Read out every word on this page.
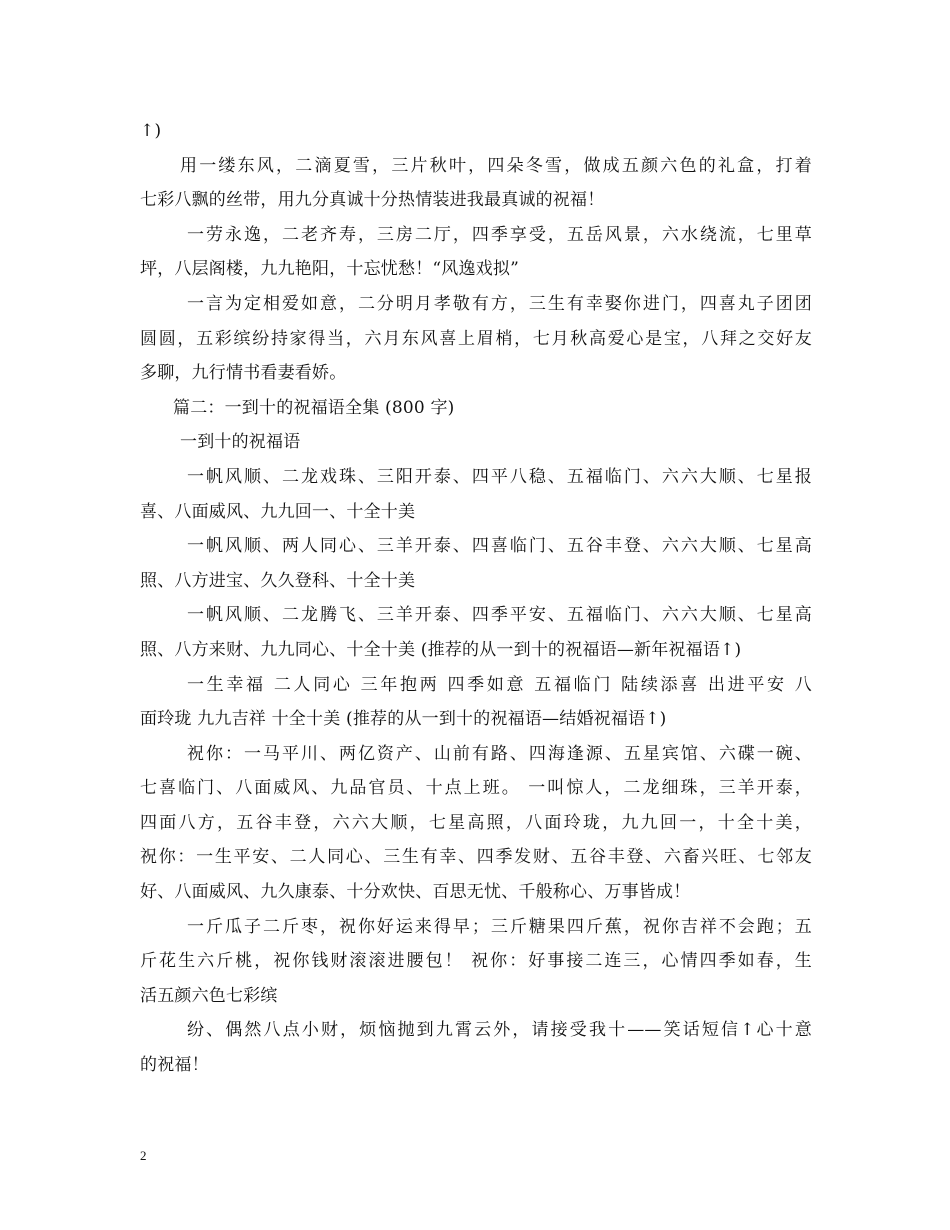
↑)
用一缕东风，二滴夏雪，三片秋叶，四朵冬雪，做成五颜六色的礼盒，打着
七彩八飘的丝带，用九分真诚十分热情装进我最真诚的祝福！
一劳永逸，二老齐寿，三房二厅，四季享受，五岳风景，六水绕流，七里草
坪，八层阁楼，九九艳阳，十忘忧愁！“风逸戏拟”
一言为定相爱如意，二分明月孝敬有方，三生有幸娶你进门，四喜丸子团团
圆圆，五彩缤纷持家得当，六月东风喜上眉梢，七月秋高爱心是宝，八拜之交好友
多聊，九行情书看妻看娇。
篇二：一到十的祝福语全集 (800 字)
一到十的祝福语
一帆风顺、二龙戏珠、三阳开泰、四平八稳、五福临门、六六大顺、七星报
喜、八面威风、九九回一、十全十美
一帆风顺、两人同心、三羊开泰、四喜临门、五谷丰登、六六大顺、七星高
照、八方进宝、久久登科、十全十美
一帆风顺、二龙腾飞、三羊开泰、四季平安、五福临门、六六大顺、七星高
照、八方来财、九九同心、十全十美 (推荐的从一到十的祝福语—新年祝福语↑)
一生幸福 二人同心 三年抱两 四季如意 五福临门 陆续添喜 出进平安 八
面玲珑 九九吉祥 十全十美 (推荐的从一到十的祝福语—结婚祝福语↑)
祝你：一马平川、两亿资产、山前有路、四海逢源、五星宾馆、六碟一碗、
七喜临门、八面威风、九品官员、十点上班。 一叫惊人，二龙细珠，三羊开泰，
四面八方，五谷丰登，六六大顺，七星高照，八面玲珑，九九回一，十全十美，
祝你：一生平安、二人同心、三生有幸、四季发财、五谷丰登、六畜兴旺、七邻友
好、八面威风、九久康泰、十分欢快、百思无忧、千般称心、万事皆成！
一斤瓜子二斤枣，祝你好运来得早；三斤糖果四斤蕉，祝你吉祥不会跑；五
斤花生六斤桃，祝你钱财滚滚进腰包！ 祝你：好事接二连三，心情四季如春，生
活五颜六色七彩缤
纷、偶然八点小财，烦恼抛到九霄云外，请接受我十——笑话短信↑心十意
的祝福！
2
